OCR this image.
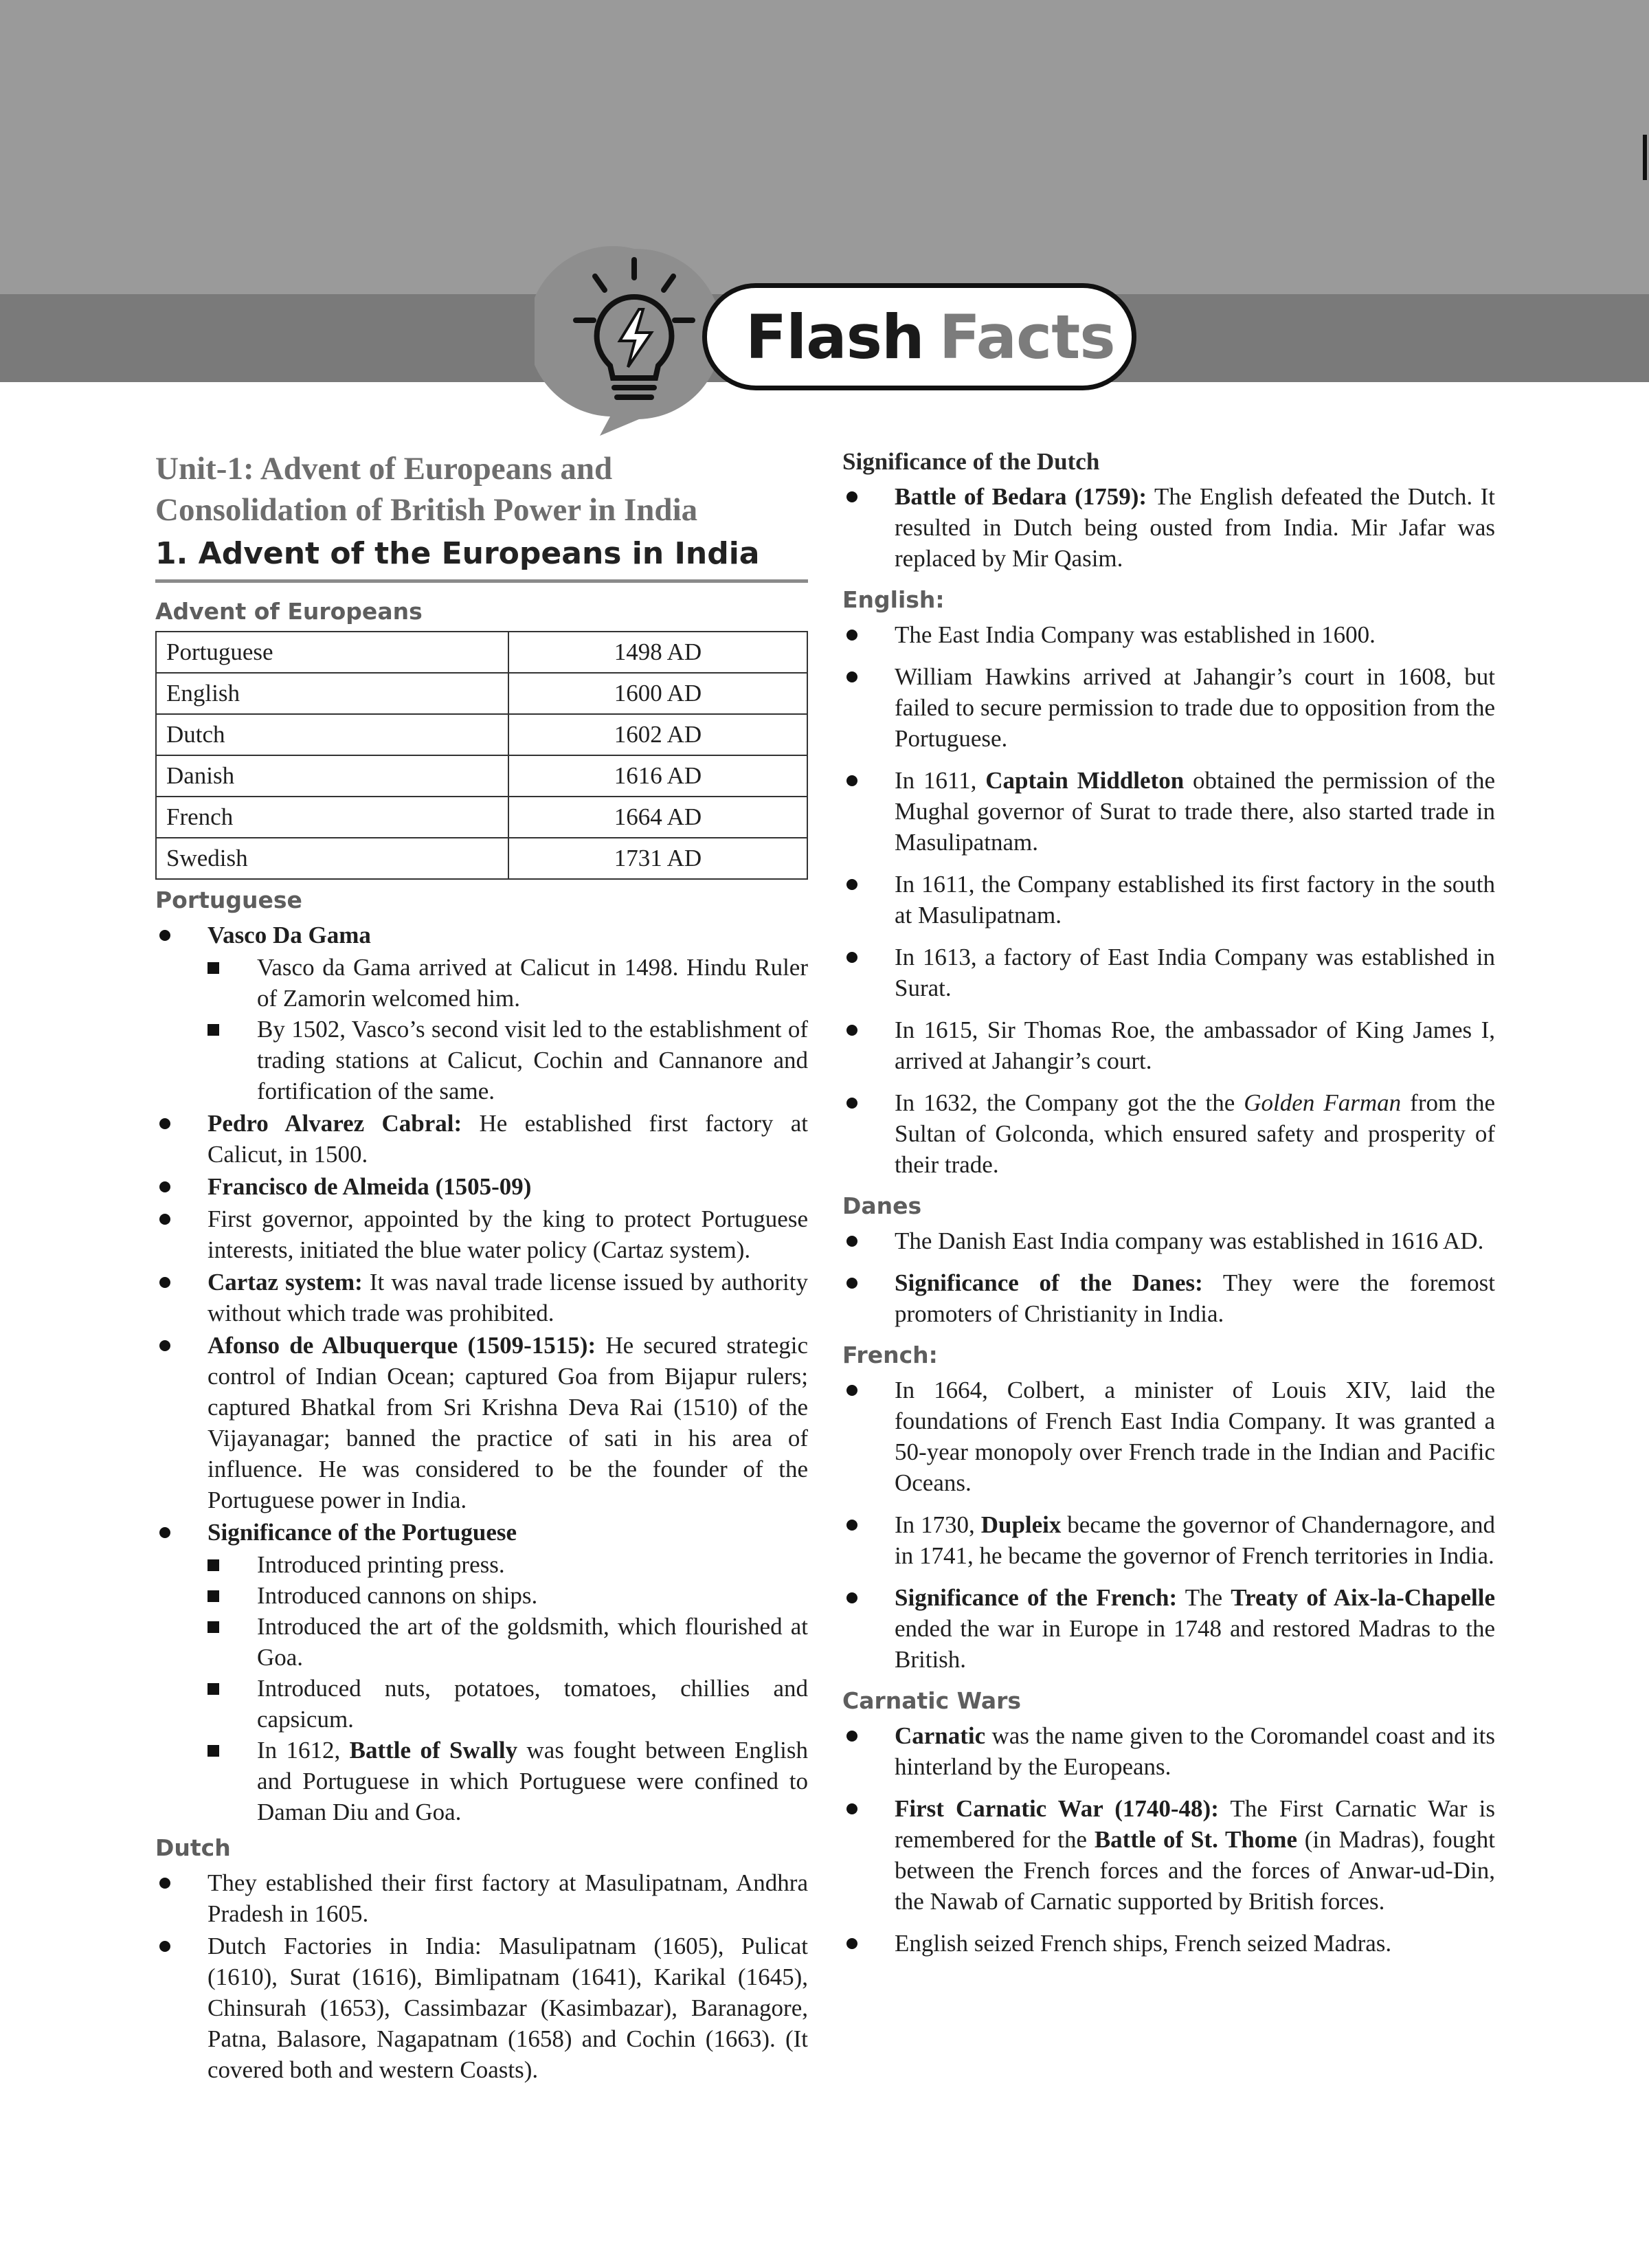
Flash Facts
Unit-1: Advent of Europeans and
Consolidation of British Power in India
1. Advent of the Europeans in India
Advent of Europeans
Portuguese	1498 AD
English	1600 AD
Dutch	1602 AD
Danish	1616 AD
French	1664 AD
Swedish	1731 AD
Portuguese
Vasco Da Gama
Vasco da Gama arrived at Calicut in 1498. Hindu Ruler of Zamorin welcomed him.
By 1502, Vasco’s second visit led to the establishment of trading stations at Calicut, Cochin and Cannanore and fortification of the same.
Pedro Alvarez Cabral: He established first factory at Calicut, in 1500.
Francisco de Almeida (1505-09)
First governor, appointed by the king to protect Portuguese interests, initiated the blue water policy (Cartaz system).
Cartaz system: It was naval trade license issued by authority without which trade was prohibited.
Afonso de Albuquerque (1509-1515): He secured strategic control of Indian Ocean; captured Goa from Bijapur rulers; captured Bhatkal from Sri Krishna Deva Rai (1510) of the Vijayanagar; banned the practice of sati in his area of influence. He was considered to be the founder of the Portuguese power in India.
Significance of the Portuguese
Introduced printing press.
Introduced cannons on ships.
Introduced the art of the goldsmith, which flourished at Goa.
Introduced nuts, potatoes, tomatoes, chillies and capsicum.
In 1612, Battle of Swally was fought between English and Portuguese in which Portuguese were confined to Daman Diu and Goa.
Dutch
They established their first factory at Masulipatnam, Andhra Pradesh in 1605.
Dutch Factories in India: Masulipatnam (1605), Pulicat (1610), Surat (1616), Bimlipatnam (1641), Karikal (1645), Chinsurah (1653), Cassimbazar (Kasimbazar), Baranagore, Patna, Balasore, Nagapatnam (1658) and Cochin (1663). (It covered both and western Coasts).
Significance of the Dutch
Battle of Bedara (1759): The English defeated the Dutch. It resulted in Dutch being ousted from India. Mir Jafar was replaced by Mir Qasim.
English:
The East India Company was established in 1600.
William Hawkins arrived at Jahangir’s court in 1608, but failed to secure permission to trade due to opposition from the Portuguese.
In 1611, Captain Middleton obtained the permission of the Mughal governor of Surat to trade there, also started trade in Masulipatnam.
In 1611, the Company established its first factory in the south at Masulipatnam.
In 1613, a factory of East India Company was established in Surat.
In 1615, Sir Thomas Roe, the ambassador of King James I, arrived at Jahangir’s court.
In 1632, the Company got the the Golden Farman from the Sultan of Golconda, which ensured safety and prosperity of their trade.
Danes
The Danish East India company was established in 1616 AD.
Significance of the Danes: They were the foremost promoters of Christianity in India.
French:
In 1664, Colbert, a minister of Louis XIV, laid the foundations of French East India Company. It was granted a 50-year monopoly over French trade in the Indian and Pacific Oceans.
In 1730, Dupleix became the governor of Chandernagore, and in 1741, he became the governor of French territories in India.
Significance of the French: The Treaty of Aix-la-Chapelle ended the war in Europe in 1748 and restored Madras to the British.
Carnatic Wars
Carnatic was the name given to the Coromandel coast and its hinterland by the Europeans.
First Carnatic War (1740-48): The First Carnatic War is remembered for the Battle of St. Thome (in Madras), fought between the French forces and the forces of Anwar-ud-Din, the Nawab of Carnatic supported by British forces.
English seized French ships, French seized Madras.
